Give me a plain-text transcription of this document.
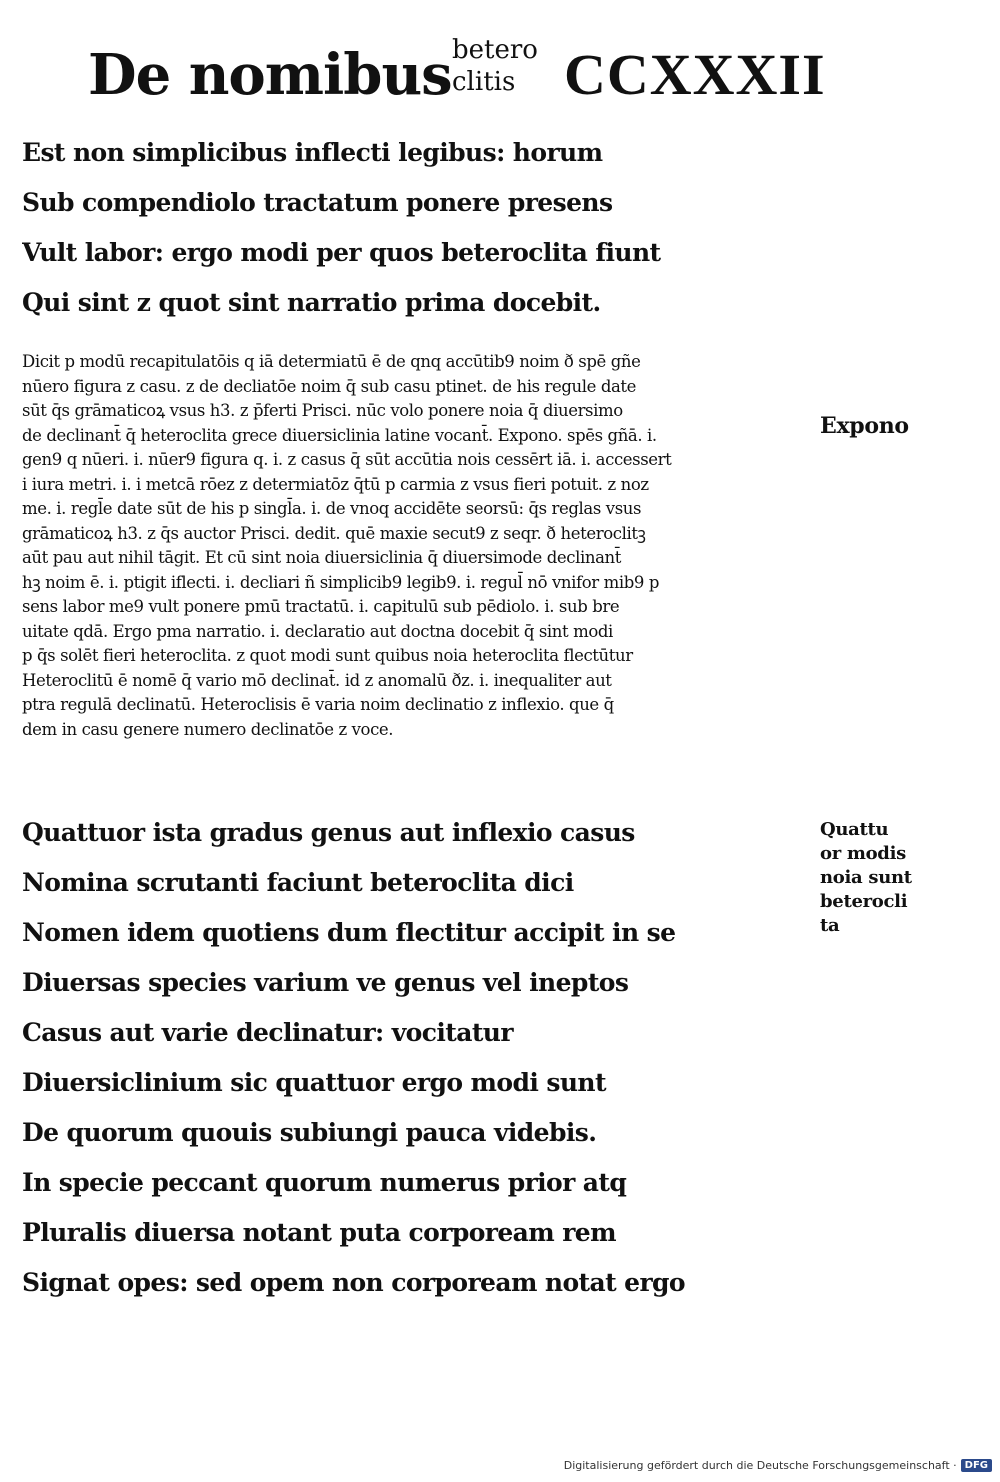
De nomibus betero
clitis CCXXXII
Est non simplicibus inflecti legibus: horum
Sub compendiolo tractatum ponere presens
Vult labor: ergo modi per quos beteroclita fiunt
Qui sint z quot sint narratio prima docebit.
Dicit p modū recapitulatōis q iā determiatū ē de qnq accūtib9 noim ð spē gñe
nūero figura z casu. z de decliatōe noim q̄ sub casu ptinet. de his regule date
sūt q̄s grāmaticoꝝ vsus h3. z p̄ferti Prisci. nūc volo ponere noia q̄ diuersimo
de declinant̄ q̄ heteroclita grece diuersiclinia latine vocant̄. Expono. spēs gñā. i.
gen9 q nūeri. i. nūer9 figura q. i. z casus q̄ sūt accūtia nois cessērt iā. i. accessert
i iura metri. i. i metcā rōez z determiatōz q̄tū p carmia z vsus fieri potuit. z noz
me. i. regl̄e date sūt de his p singl̄a. i. de vnoq accidēte seorsū: q̄s reglas vsus
grāmaticoꝝ h3. z q̄s auctor Prisci. dedit. quē maxie secut9 z seqr. ð heteroclitꝫ
aūt pau aut nihil tāgit. Et cū sint noia diuersiclinia q̄ diuersimode declinant̄
hꝫ noim ē. i. ptigit iflecti. i. decliari ñ simplicib9 legib9. i. regul̄ nō vnifor mib9 p
sens labor me9 vult ponere pmū tractatū. i. capitulū sub pēdiolo. i. sub bre
uitate qdā. Ergo pma narratio. i. declaratio aut doctna docebit q̄ sint modi
p q̄s solēt fieri heteroclita. z quot modi sunt quibus noia heteroclita flectūtur
Heteroclitū ē nomē q̄ vario mō declinat̄. id z anomalū ðz. i. inequaliter aut
ptra regulā declinatū. Heteroclisis ē varia noim declinatio z inflexio. que q̄
dem in casu genere numero declinatōe z voce.
Expono
Quattu
or modis
noia sunt
beterocli
ta
Quattuor ista gradus genus aut inflexio casus
Nomina scrutanti faciunt beteroclita dici
Nomen idem quotiens dum flectitur accipit in se
Diuersas species varium ve genus vel ineptos
Casus aut varie declinatur: vocitatur
Diuersiclinium sic quattuor ergo modi sunt
De quorum quouis subiungi pauca videbis.
In specie peccant quorum numerus prior atq
Pluralis diuersa notant puta corpoream rem
Signat opes: sed opem non corpoream notat ergo
Digitalisierung gefördert durch die Deutsche Forschungsgemeinschaft · DFG
